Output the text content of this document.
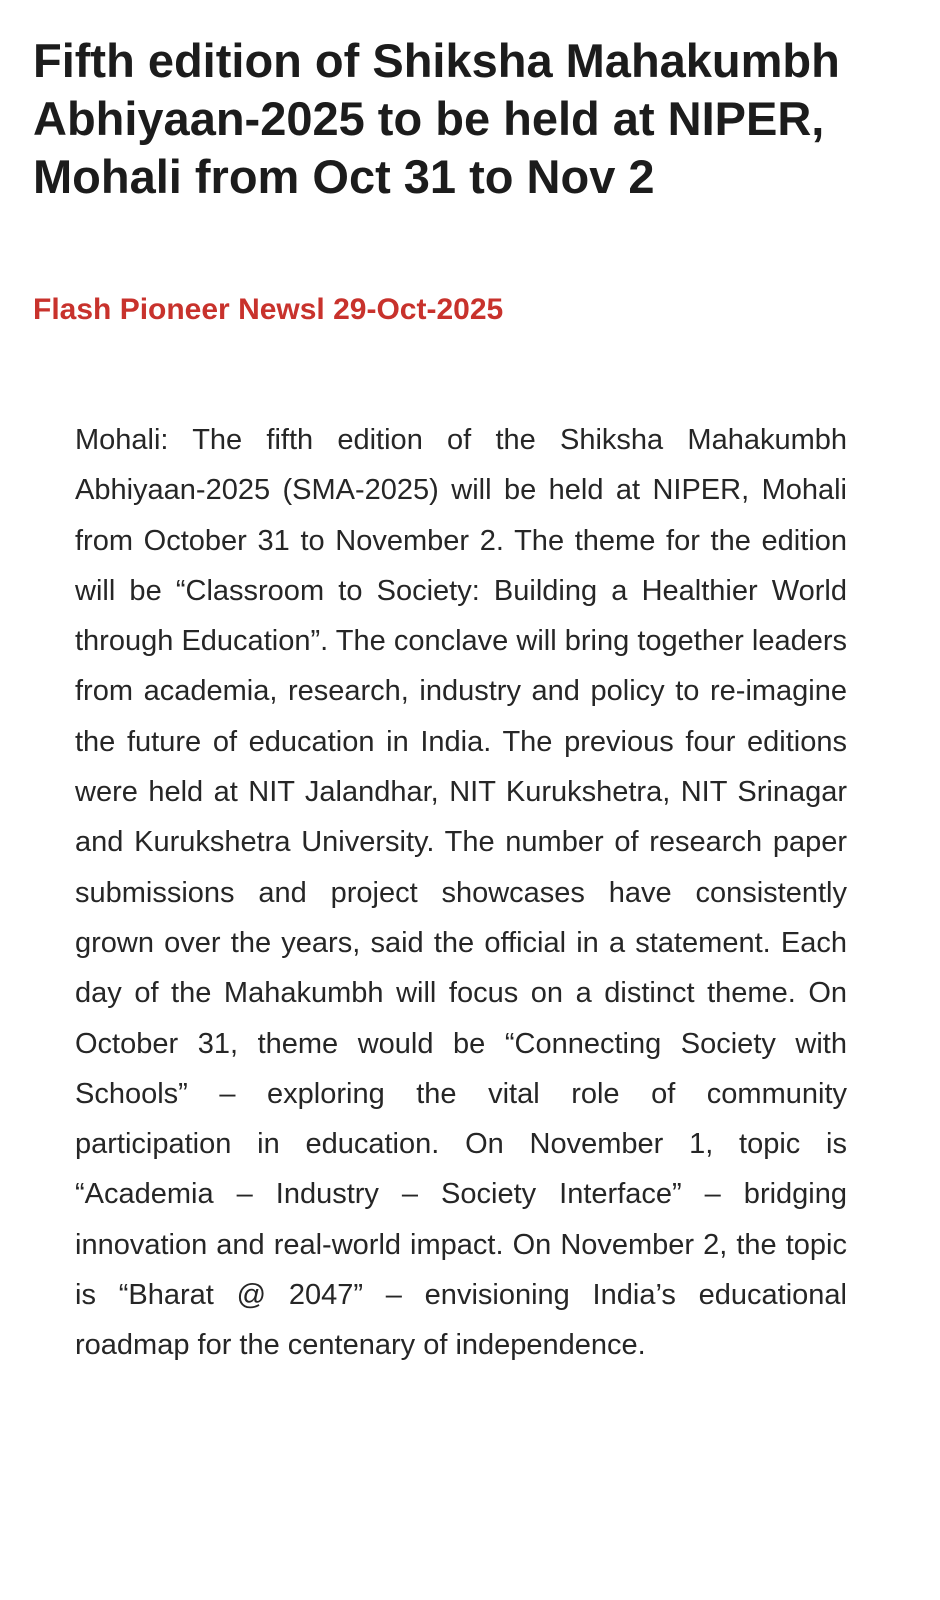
Fifth edition of Shiksha Mahakumbh Abhiyaan-2025 to be held at NIPER, Mohali from Oct 31 to Nov 2

Flash Pioneer Newsl 29-Oct-2025

Mohali: The fifth edition of the Shiksha Mahakumbh Abhiyaan-2025 (SMA-2025) will be held at NIPER, Mohali from October 31 to November 2. The theme for the edition will be “Classroom to Society: Building a Healthier World through Education”. The conclave will bring together leaders from academia, research, industry and policy to re-imagine the future of education in India. The previous four editions were held at NIT Jalandhar, NIT Kurukshetra, NIT Srinagar and Kurukshetra University. The number of research paper submissions and project showcases have consistently grown over the years, said the official in a statement. Each day of the Mahakumbh will focus on a distinct theme. On October 31, theme would be “Connecting Society with Schools” – exploring the vital role of community participation in education. On November 1, topic is “Academia – Industry – Society Interface” – bridging innovation and real-world impact. On November 2, the topic is “Bharat @ 2047” – envisioning India’s educational roadmap for the centenary of independence.
